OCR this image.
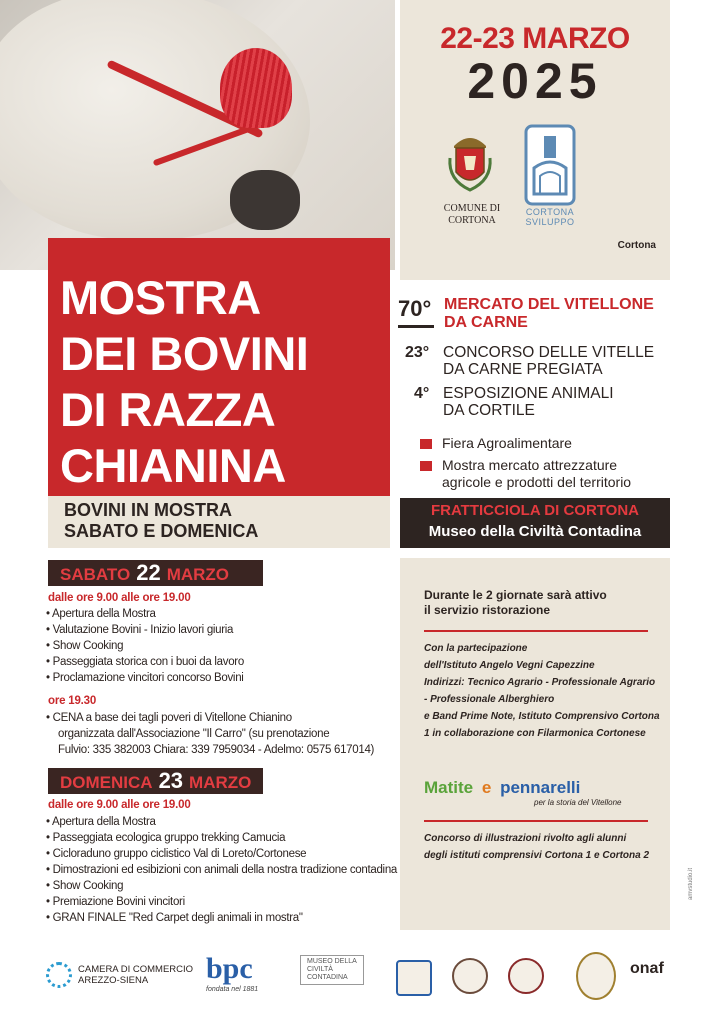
22-23 MARZO
2025
COMUNE DI
CORTONA
CORTONA
SVILUPPO
Cortona
MOSTRA
DEI BOVINI
DI RAZZA
CHIANINA
BOVINI IN MOSTRA
SABATO E DOMENICA
70° MERCATO DEL VITELLONE
DA CARNE
23° CONCORSO DELLE VITELLE
DA CARNE PREGIATA
4° ESPOSIZIONE ANIMALI
DA CORTILE
Fiera Agroalimentare
Mostra mercato attrezzature
agricole e prodotti del territorio
FRATTICCIOLA DI CORTONA
Museo della Civiltà Contadina
SABATO 22 MARZO
dalle ore 9.00 alle ore 19.00
• Apertura della Mostra
• Valutazione Bovini - Inizio lavori giuria
• Show Cooking
• Passeggiata storica con i buoi da lavoro
• Proclamazione vincitori concorso Bovini
ore 19.30
• CENA a base dei tagli poveri di Vitellone Chianino
organizzata dall'Associazione "Il Carro" (su prenotazione
Fulvio: 335 382003 Chiara: 339 7959034 - Adelmo: 0575 617014)
DOMENICA 23 MARZO
dalle ore 9.00 alle ore 19.00
• Apertura della Mostra
• Passeggiata ecologica gruppo trekking Camucia
• Cicloraduno gruppo ciclistico Val di Loreto/Cortonese
• Dimostrazioni ed esibizioni con animali della nostra tradizione contadina
• Show Cooking
• Premiazione Bovini vincitori
• GRAN FINALE "Red Carpet degli animali in mostra"
Durante le 2 giornate sarà attivo
il servizio ristorazione
Con la partecipazione
dell'Istituto Angelo Vegni Capezzine
Indirizzi: Tecnico Agrario - Professionale Agrario
- Professionale Alberghiero
e Band Prime Note, Istituto Comprensivo Cortona
1 in collaborazione con Filarmonica Cortonese
Matite e pennarelli
per la storia del Vitellone
Concorso di illustrazioni rivolto agli alunni
degli istituti comprensivi Cortona 1 e Cortona 2
amvstudio.it
CAMERA DI COMMERCIO
AREZZO-SIENA	bpc
fondata nel 1881
MUSEO DELLA
CIVILTÀ
CONTADINA
onaf
